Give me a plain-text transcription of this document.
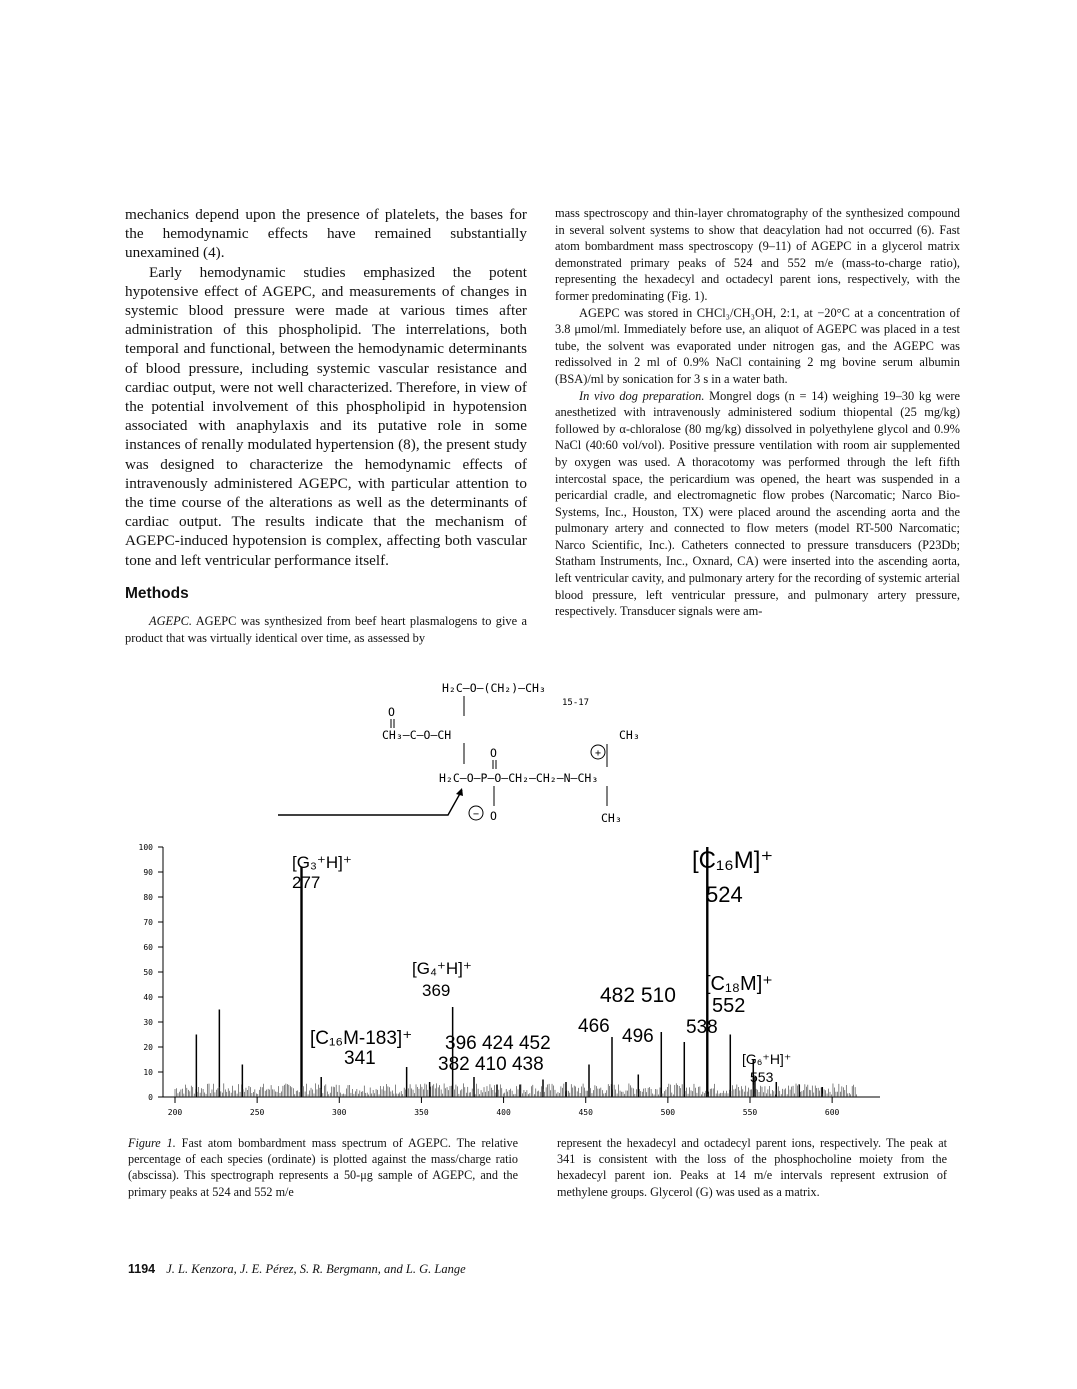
mechanics depend upon the presence of platelets, the bases for the hemodynamic effects have remained substantially unexamined (4).

Early hemodynamic studies emphasized the potent hypotensive effect of AGEPC, and measurements of changes in systemic blood pressure were made at various times after administration of this phospholipid. The interrelations, both temporal and functional, between the hemodynamic determinants of blood pressure, including systemic vascular resistance and cardiac output, were not well characterized. Therefore, in view of the potential involvement of this phospholipid in hypotension associated with anaphylaxis and its putative role in some instances of renally modulated hypertension (8), the present study was designed to characterize the hemodynamic effects of intravenously administered AGEPC, with particular attention to the time course of the alterations as well as the determinants of cardiac output. The results indicate that the mechanism of AGEPC-induced hypotension is complex, affecting both vascular tone and left ventricular performance itself.

Methods

AGEPC. AGEPC was synthesized from beef heart plasmalogens to give a product that was virtually identical over time, as assessed by

mass spectroscopy and thin-layer chromatography of the synthesized compound in several solvent systems to show that deacylation had not occurred (6). Fast atom bombardment mass spectroscopy (9–11) of AGEPC in a glycerol matrix demonstrated primary peaks of 524 and 552 m/e (mass-to-charge ratio), representing the hexadecyl and octadecyl parent ions, respectively, with the former predominating (Fig. 1).

AGEPC was stored in CHCl₃/CH₃OH, 2:1, at −20°C at a concentration of 3.8 μmol/ml. Immediately before use, an aliquot of AGEPC was placed in a test tube, the solvent was evaporated under nitrogen gas, and the AGEPC was redissolved in 2 ml of 0.9% NaCl containing 2 mg bovine serum albumin (BSA)/ml by sonication for 3 s in a water bath.

In vivo dog preparation. Mongrel dogs (n = 14) weighing 19–30 kg were anesthetized with intravenously administered sodium thiopental (25 mg/kg) followed by α-chloralose (80 mg/kg) dissolved in polyethylene glycol and 0.9% NaCl (40:60 vol/vol). Positive pressure ventilation with room air supplemented by oxygen was used. A thoracotomy was performed through the left fifth intercostal space, the pericardium was opened, the heart was suspended in a pericardial cradle, and electromagnetic flow probes (Narcomatic; Narco Bio-Systems, Inc., Houston, TX) were placed around the ascending aorta and the pulmonary artery and connected to flow meters (model RT-500 Narcomatic; Narco Scientific, Inc.). Catheters connected to pressure transducers (P23Db; Statham Instruments, Inc., Oxnard, CA) were inserted into the ascending aorta, left ventricular cavity, and pulmonary artery for the recording of systemic arterial blood pressure, left ventricular pressure, and pulmonary artery pressure, respectively. Transducer signals were am-

H₂C–O–(CH₂)–CH₃
15-17
O
CH₃–C–O–CH	CH₃
O	+
H₂C–O–P–O–CH₂–CH₂–N–CH₃
− O	CH₃
100
90
80
70
60
50
40
30
20
10
0
200	250	300	350	400	450	500	550	600
[G₃⁺H]⁺
277
[G₄⁺H]⁺
369
[C₁₆M-183]⁺
341
396 424 452
382 410 438
466
482 510
496
[C₁₆M]⁺
524
[C₁₈M]⁺
552
538
[G₆⁺H]⁺
553

Figure 1. Fast atom bombardment mass spectrum of AGEPC. The relative percentage of each species (ordinate) is plotted against the mass/charge ratio (abscissa). This spectrograph represents a 50-μg sample of AGEPC, and the primary peaks at 524 and 552 m/e

represent the hexadecyl and octadecyl parent ions, respectively. The peak at 341 is consistent with the loss of the phosphocholine moiety from the hexadecyl parent ion. Peaks at 14 m/e intervals represent extrusion of methylene groups. Glycerol (G) was used as a matrix.

1194 J. L. Kenzora, J. E. Pérez, S. R. Bergmann, and L. G. Lange
